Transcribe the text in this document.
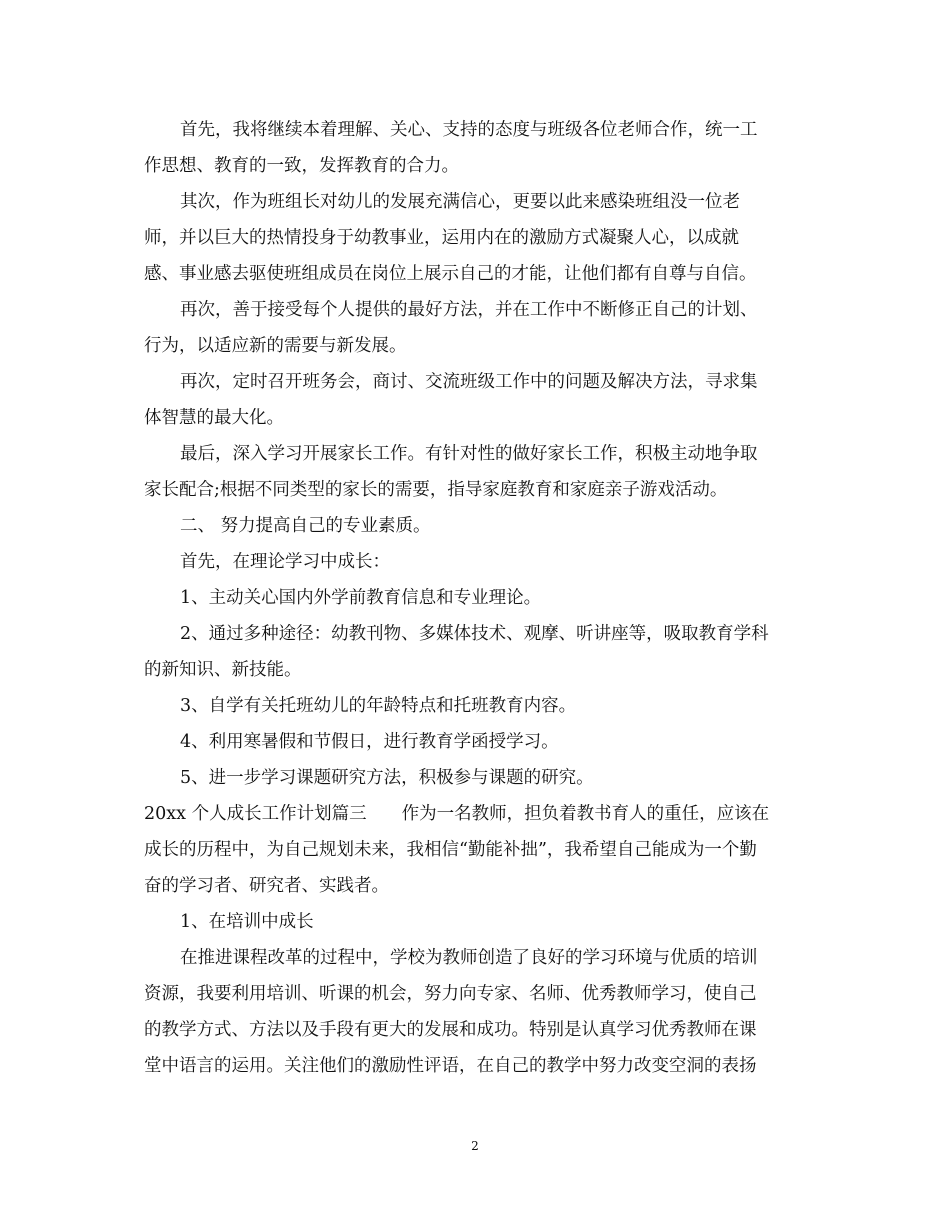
首先，我将继续本着理解、关心、支持的态度与班级各位老师合作，统一工
作思想、教育的一致，发挥教育的合力。
其次，作为班组长对幼儿的发展充满信心，更要以此来感染班组没一位老
师，并以巨大的热情投身于幼教事业，运用内在的激励方式凝聚人心，以成就
感、事业感去驱使班组成员在岗位上展示自己的才能，让他们都有自尊与自信。
再次，善于接受每个人提供的最好方法，并在工作中不断修正自己的计划、
行为，以适应新的需要与新发展。
再次，定时召开班务会，商讨、交流班级工作中的问题及解决方法，寻求集
体智慧的最大化。
最后，深入学习开展家长工作。有针对性的做好家长工作，积极主动地争取
家长配合;根据不同类型的家长的需要，指导家庭教育和家庭亲子游戏活动。
二、 努力提高自己的专业素质。
首先，在理论学习中成长：
1、主动关心国内外学前教育信息和专业理论。
2、通过多种途径：幼教刊物、多媒体技术、观摩、听讲座等，吸取教育学科
的新知识、新技能。
3、自学有关托班幼儿的年龄特点和托班教育内容。
4、利用寒暑假和节假日，进行教育学函授学习。
5、进一步学习课题研究方法，积极参与课题的研究。
20xx 个人成长工作计划篇三　　作为一名教师，担负着教书育人的重任，应该在
成长的历程中，为自己规划未来，我相信“勤能补拙”，我希望自己能成为一个勤
奋的学习者、研究者、实践者。
1、在培训中成长
在推进课程改革的过程中，学校为教师创造了良好的学习环境与优质的培训
资源，我要利用培训、听课的机会，努力向专家、名师、优秀教师学习，使自己
的教学方式、方法以及手段有更大的发展和成功。特别是认真学习优秀教师在课
堂中语言的运用。关注他们的激励性评语，在自己的教学中努力改变空洞的表扬
2
